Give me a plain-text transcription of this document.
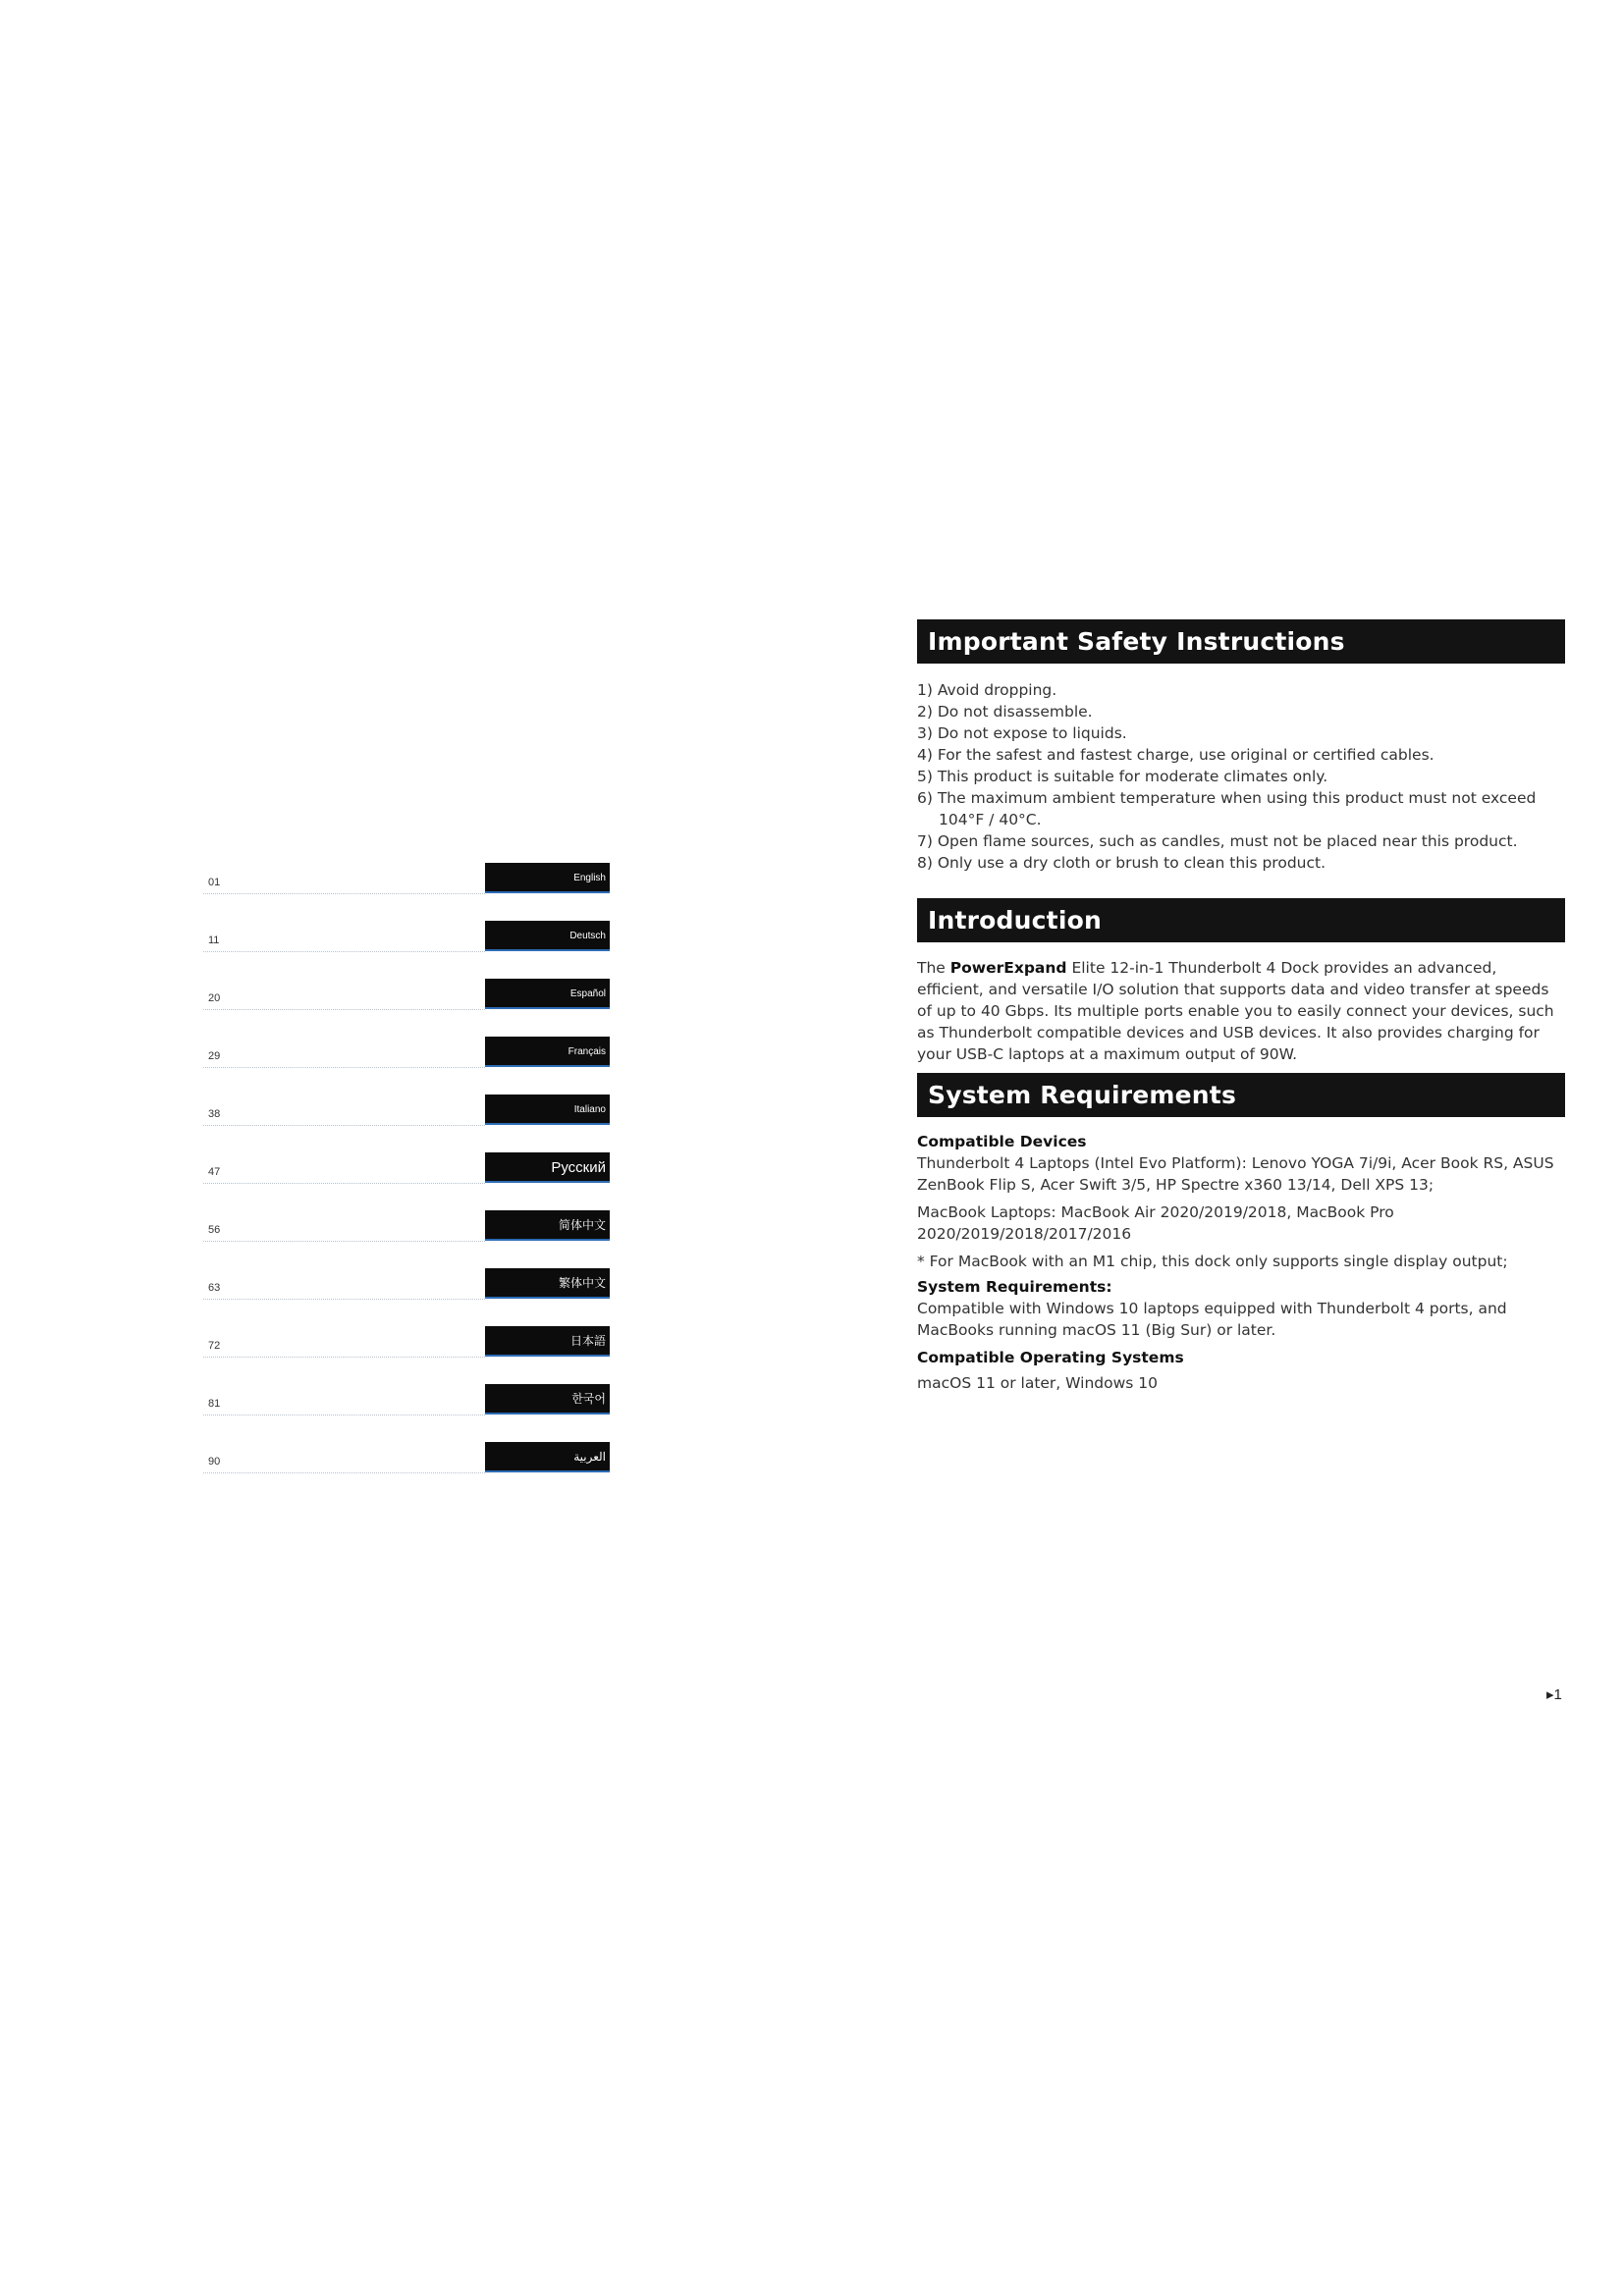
01	English
11	Deutsch
20	Español
29	Français
38	Italiano
47	Русский
56	简体中文
63	繁体中文
72	日本語
81	한국어
90	العربية
Important Safety Instructions
1) Avoid dropping.
2) Do not disassemble.
3) Do not expose to liquids.
4) For the safest and fastest charge, use original or certified cables.
5) This product is suitable for moderate climates only.
6) The maximum ambient temperature when using this product must not exceed 104°F / 40°C.
7) Open flame sources, such as candles, must not be placed near this product.
8) Only use a dry cloth or brush to clean this product.
Introduction

The PowerExpand Elite 12-in-1 Thunderbolt 4 Dock provides an advanced, efficient, and versatile I/O solution that supports data and video transfer at speeds of up to 40 Gbps. Its multiple ports enable you to easily connect your devices, such as Thunderbolt compatible devices and USB devices. It also provides charging for your USB-C laptops at a maximum output of 90W.

System Requirements
Compatible Devices
Thunderbolt 4 Laptops (Intel Evo Platform): Lenovo YOGA 7i/9i, Acer Book RS, ASUS ZenBook Flip S, Acer Swift 3/5, HP Spectre x360 13/14, Dell XPS 13;
MacBook Laptops: MacBook Air 2020/2019/2018, MacBook Pro 2020/2019/2018/2017/2016
* For MacBook with an M1 chip, this dock only supports single display output;
System Requirements:
Compatible with Windows 10 laptops equipped with Thunderbolt 4 ports, and MacBooks running macOS 11 (Big Sur) or later.
Compatible Operating Systems
macOS 11 or later, Windows 10
▸1
